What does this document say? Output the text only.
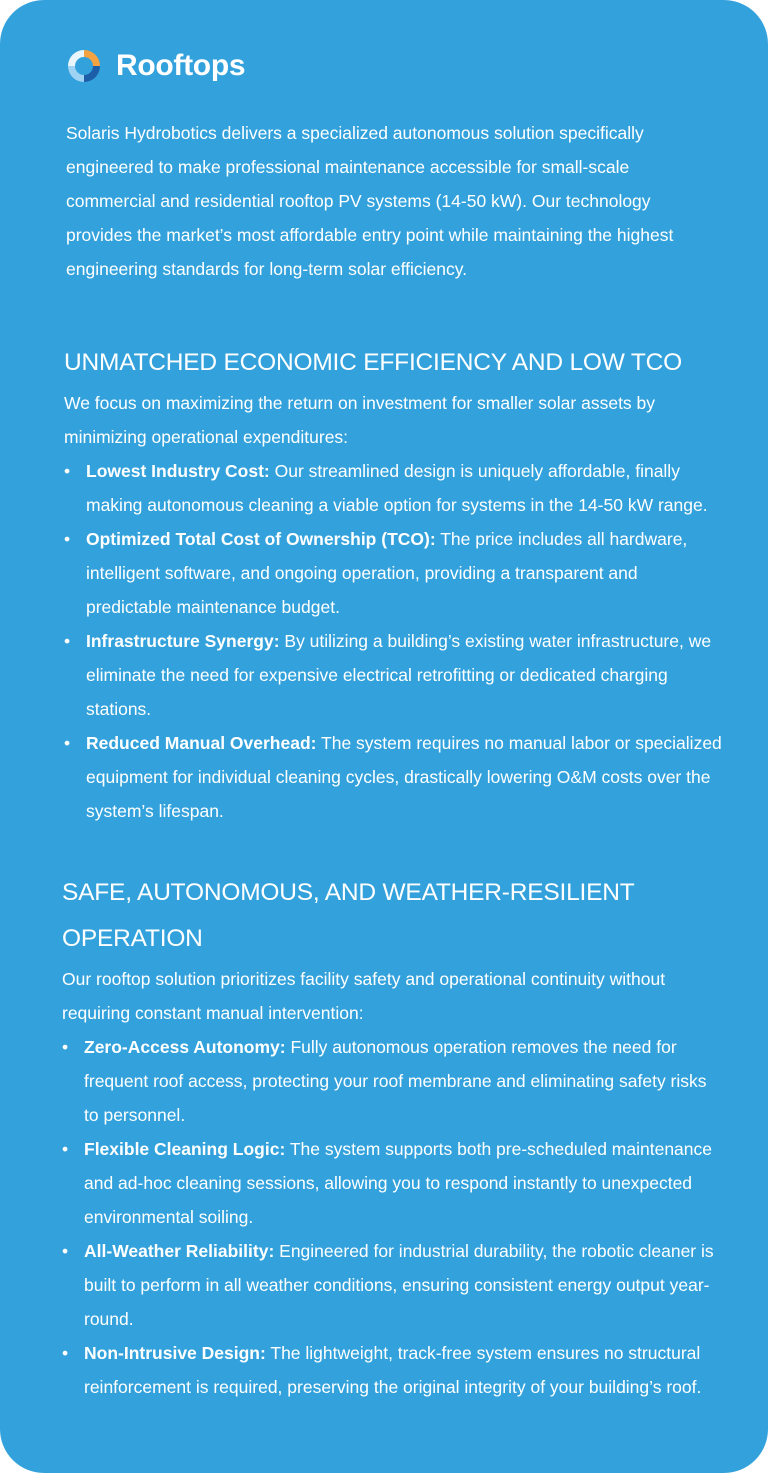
Rooftops
Solaris Hydrobotics delivers a specialized autonomous solution specifically engineered to make professional maintenance accessible for small-scale commercial and residential rooftop PV systems (14-50 kW). Our technology provides the market’s most affordable entry point while maintaining the highest engineering standards for long-term solar efficiency.
UNMATCHED ECONOMIC EFFICIENCY AND LOW TCO

We focus on maximizing the return on investment for smaller solar assets by minimizing operational expenditures:

• Lowest Industry Cost: Our streamlined design is uniquely affordable, finally making autonomous cleaning a viable option for systems in the 14-50 kW range.
• Optimized Total Cost of Ownership (TCO): The price includes all hardware, intelligent software, and ongoing operation, providing a transparent and predictable maintenance budget.
• Infrastructure Synergy: By utilizing a building’s existing water infrastructure, we eliminate the need for expensive electrical retrofitting or dedicated charging stations.
• Reduced Manual Overhead: The system requires no manual labor or specialized equipment for individual cleaning cycles, drastically lowering O&M costs over the system’s lifespan.
SAFE, AUTONOMOUS, AND WEATHER-RESILIENT OPERATION

Our rooftop solution prioritizes facility safety and operational continuity without requiring constant manual intervention:

• Zero-Access Autonomy: Fully autonomous operation removes the need for frequent roof access, protecting your roof membrane and eliminating safety risks to personnel.
• Flexible Cleaning Logic: The system supports both pre-scheduled maintenance and ad-hoc cleaning sessions, allowing you to respond instantly to unexpected environmental soiling.
• All-Weather Reliability: Engineered for industrial durability, the robotic cleaner is built to perform in all weather conditions, ensuring consistent energy output year-round.
• Non-Intrusive Design: The lightweight, track-free system ensures no structural reinforcement is required, preserving the original integrity of your building’s roof.
